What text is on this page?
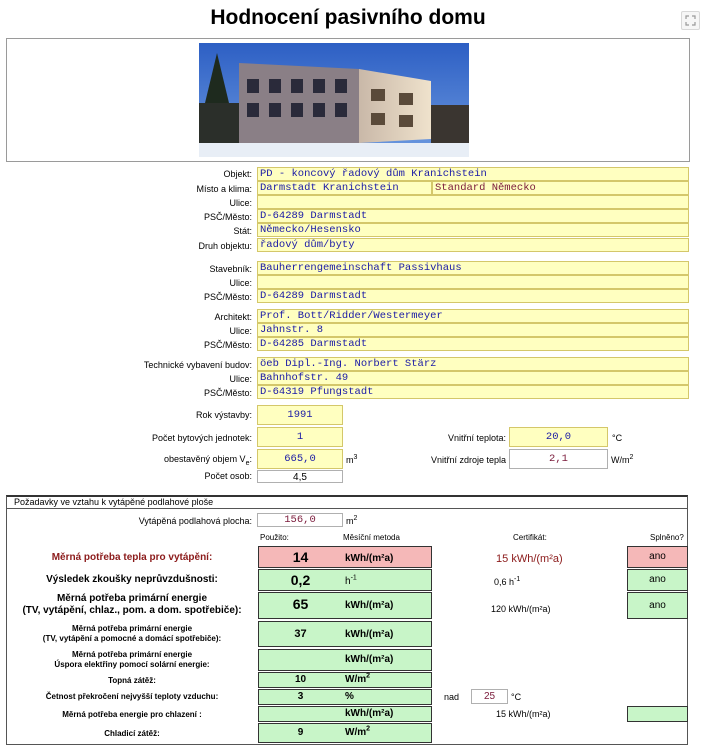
Hodnocení pasivního domu
Objekt: PD - koncový řadový dům Kranichstein
Místo a klima: Darmstadt Kranichstein	Standard Německo
Ulice:
PSČ/Město: D-64289 Darmstadt
Stát: Německo/Hesensko
Druh objektu: řadový dům/byty
Stavebník: Bauherrengemeinschaft Passivhaus
Ulice:
PSČ/Město: D-64289 Darmstadt
Architekt: Prof. Bott/Ridder/Westermeyer
Ulice: Jahnstr. 8
PSČ/Město: D-64285 Darmstadt
Technické vybavení budov: öeb Dipl.-Ing. Norbert Stärz
Ulice: Bahnhofstr. 49
PSČ/Město: D-64319 Pfungstadt
Rok výstavby:	1991
Počet bytových jednotek:	1
obestavěný objem $V_e$:	665,0	$m^3$
Počet osob:	4,5
Vnitřní teplota:	20,0	°C
Vnitřní zdroje tepla	2,1	$W/m^2$
Požadavky ve vztahu k vytápěné podlahové ploše
Vytápěná podlahová plocha:	156,0	$m^2$
Použito:	Měsíční metoda	Certifikát:	Splněno?
Měrná potřeba tepla pro vytápění:	14	kWh/(m²a)	15 kWh/(m²a)	ano
Výsledek zkoušky neprůvzdušnosti:	0,2	$h^{-1}$	0,6 $h^{-1}$	ano
Měrná potřeba primární energie
(TV, vytápění, chlaz., pom. a dom. spotřebiče):	65	kWh/(m²a)	120 kWh/(m²a)	ano
Měrná potřeba primární energie
(TV, vytápění a pomocné a domácí spotřebiče):	37	kWh/(m²a)
Měrná potřeba primární energie
Úspora elektřiny pomocí solární energie:	kWh/(m²a)
Topná zátěž:	10	$W/m^2$
Četnost překročení nejvyšší teploty vzduchu:	3	%	nad	25	°C
Měrná potřeba energie pro chlazení :	kWh/(m²a)	15 kWh/(m²a)
Chladicí zátěž:	9	$W/m^2$
